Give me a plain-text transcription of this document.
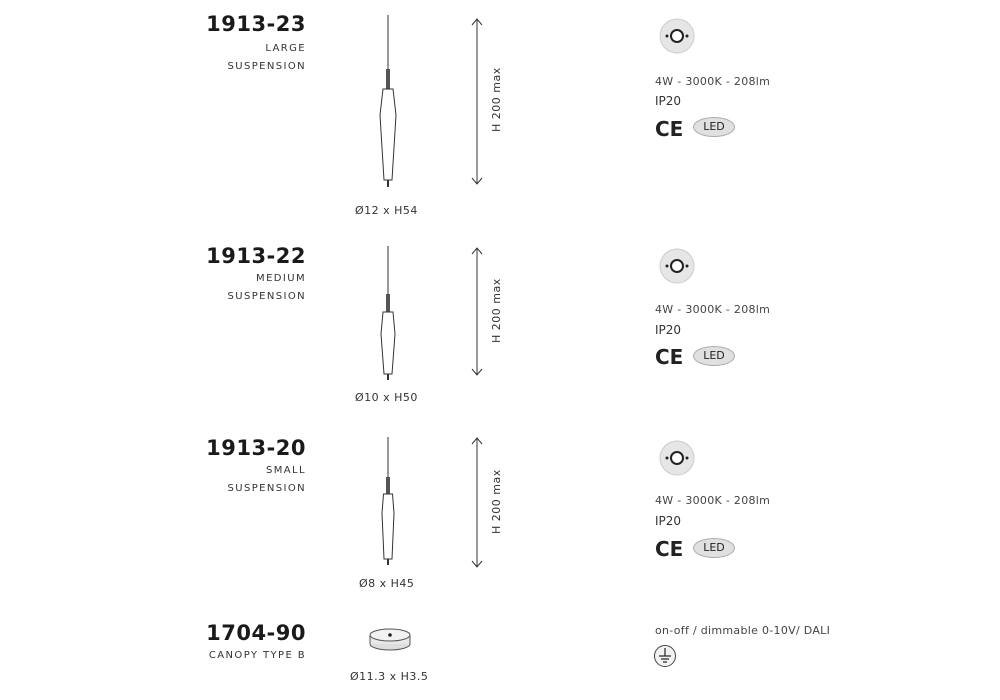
1913-23
LARGE
SUSPENSION
Ø12 x H54
H 200 max	4W - 3000K - 208lm
IP20
CE	LED
1913-22
MEDIUM
SUSPENSION
Ø10 x H50
H 200 max	4W - 3000K - 208lm
IP20
CE	LED
1913-20
SMALL
SUSPENSION
Ø8 x H45
H 200 max	4W - 3000K - 208lm
IP20
CE	LED
1704-90
CANOPY TYPE B
Ø11.3 x H3.5
on-off / dimmable 0-10V/ DALI
